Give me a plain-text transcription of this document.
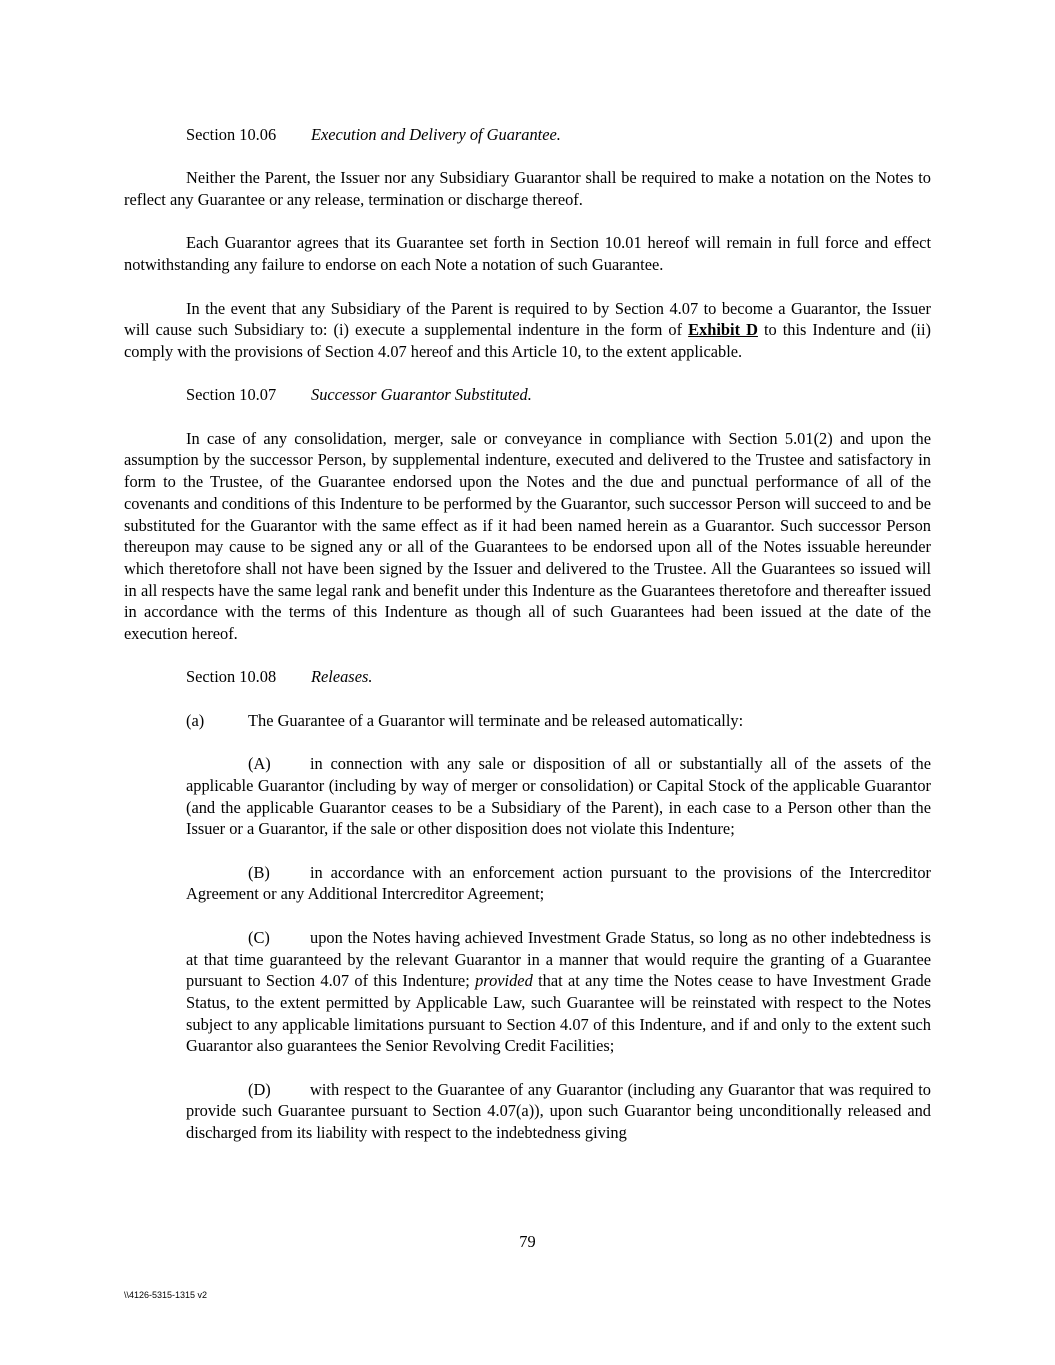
Section 10.06 Execution and Delivery of Guarantee.

Neither the Parent, the Issuer nor any Subsidiary Guarantor shall be required to make a notation on the Notes to reflect any Guarantee or any release, termination or discharge thereof.

Each Guarantor agrees that its Guarantee set forth in Section 10.01 hereof will remain in full force and effect notwithstanding any failure to endorse on each Note a notation of such Guarantee.

In the event that any Subsidiary of the Parent is required to by Section 4.07 to become a Guarantor, the Issuer will cause such Subsidiary to: (i) execute a supplemental indenture in the form of Exhibit D to this Indenture and (ii) comply with the provisions of Section 4.07 hereof and this Article 10, to the extent applicable.

Section 10.07 Successor Guarantor Substituted.

In case of any consolidation, merger, sale or conveyance in compliance with Section 5.01(2) and upon the assumption by the successor Person, by supplemental indenture, executed and delivered to the Trustee and satisfactory in form to the Trustee, of the Guarantee endorsed upon the Notes and the due and punctual performance of all of the covenants and conditions of this Indenture to be performed by the Guarantor, such successor Person will succeed to and be substituted for the Guarantor with the same effect as if it had been named herein as a Guarantor. Such successor Person thereupon may cause to be signed any or all of the Guarantees to be endorsed upon all of the Notes issuable hereunder which theretofore shall not have been signed by the Issuer and delivered to the Trustee. All the Guarantees so issued will in all respects have the same legal rank and benefit under this Indenture as the Guarantees theretofore and thereafter issued in accordance with the terms of this Indenture as though all of such Guarantees had been issued at the date of the execution hereof.

Section 10.08 Releases.
(a)	The Guarantee of a Guarantor will terminate and be released automatically:

(A) in connection with any sale or disposition of all or substantially all of the assets of the applicable Guarantor (including by way of merger or consolidation) or Capital Stock of the applicable Guarantor (and the applicable Guarantor ceases to be a Subsidiary of the Parent), in each case to a Person other than the Issuer or a Guarantor, if the sale or other disposition does not violate this Indenture;

(B) in accordance with an enforcement action pursuant to the provisions of the Intercreditor Agreement or any Additional Intercreditor Agreement;

(C) upon the Notes having achieved Investment Grade Status, so long as no other indebtedness is at that time guaranteed by the relevant Guarantor in a manner that would require the granting of a Guarantee pursuant to Section 4.07 of this Indenture; provided that at any time the Notes cease to have Investment Grade Status, to the extent permitted by Applicable Law, such Guarantee will be reinstated with respect to the Notes subject to any applicable limitations pursuant to Section 4.07 of this Indenture, and if and only to the extent such Guarantor also guarantees the Senior Revolving Credit Facilities;

(D) with respect to the Guarantee of any Guarantor (including any Guarantor that was required to provide such Guarantee pursuant to Section 4.07(a)), upon such Guarantor being unconditionally released and discharged from its liability with respect to the indebtedness giving

79
\\4126-5315-1315 v2
